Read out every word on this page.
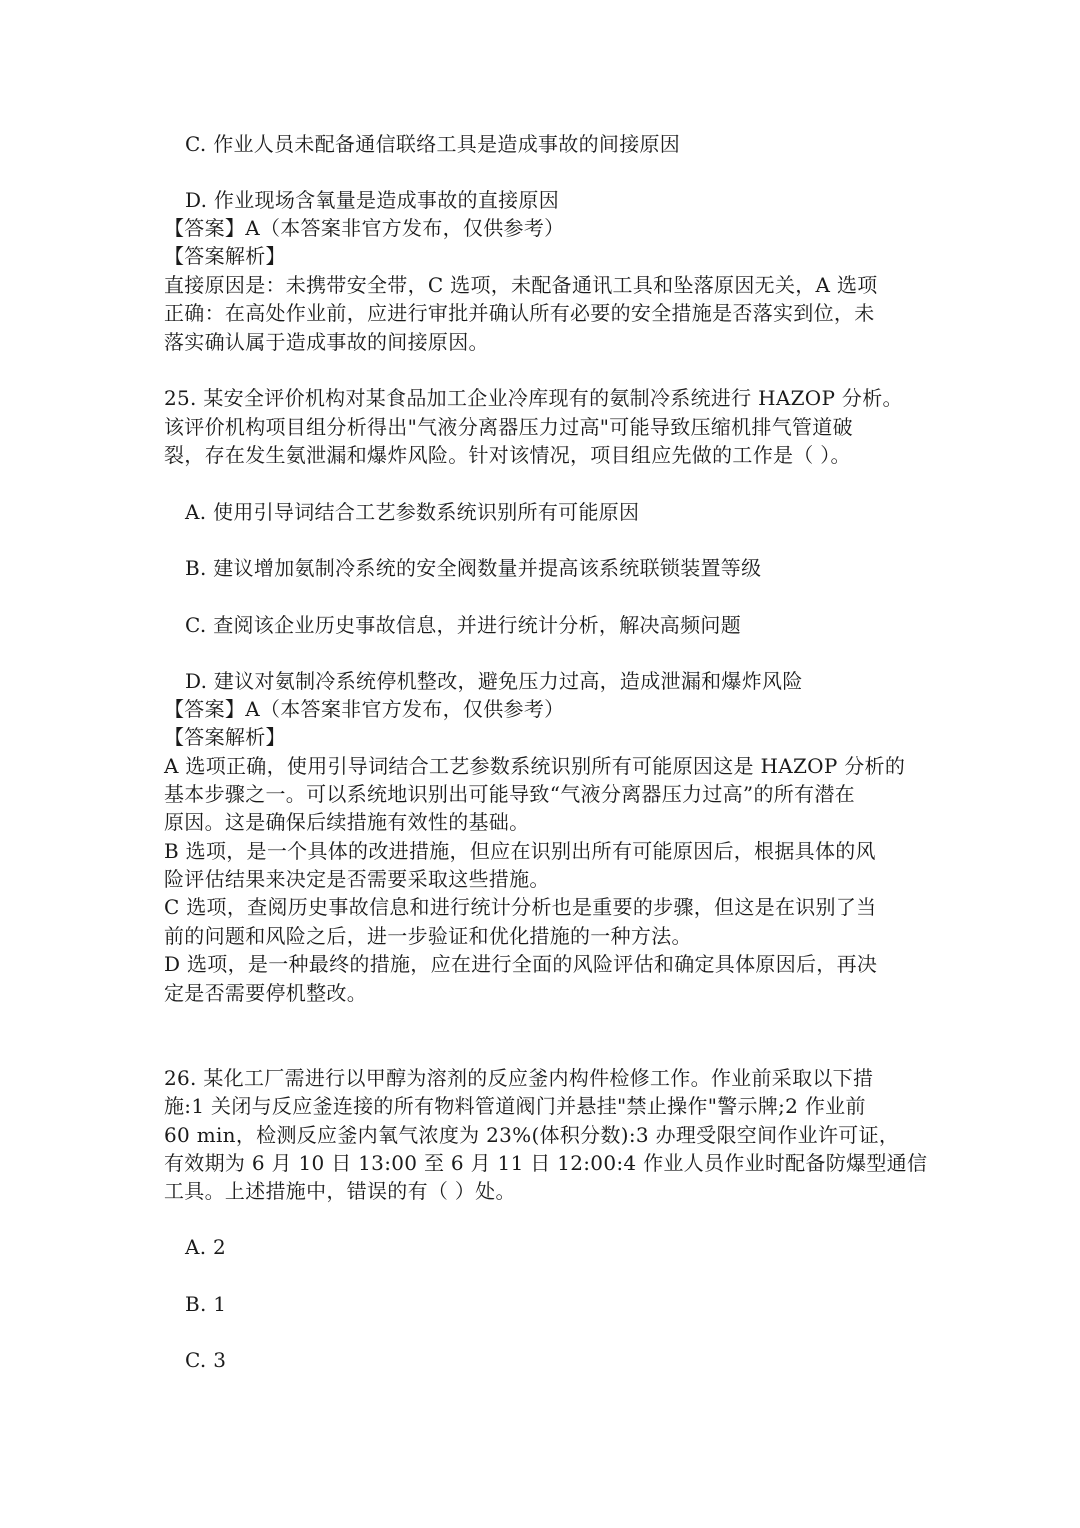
C. 作业人员未配备通信联络工具是造成事故的间接原因
D. 作业现场含氧量是造成事故的直接原因
【答案】A（本答案非官方发布，仅供参考）
【答案解析】
直接原因是：未携带安全带，C 选项，未配备通讯工具和坠落原因无关，A 选项
正确：在高处作业前，应进行审批并确认所有必要的安全措施是否落实到位，未
落实确认属于造成事故的间接原因。
25. 某安全评价机构对某食品加工企业冷库现有的氨制冷系统进行 HAZOP 分析。
该评价机构项目组分析得出"气液分离器压力过高"可能导致压缩机排气管道破
裂，存在发生氨泄漏和爆炸风险。针对该情况，项目组应先做的工作是（ ）。
A. 使用引导词结合工艺参数系统识别所有可能原因
B. 建议增加氨制冷系统的安全阀数量并提高该系统联锁装置等级
C. 查阅该企业历史事故信息，并进行统计分析，解决高频问题
D. 建议对氨制冷系统停机整改，避免压力过高，造成泄漏和爆炸风险
【答案】A（本答案非官方发布，仅供参考）
【答案解析】
A 选项正确，使用引导词结合工艺参数系统识别所有可能原因这是 HAZOP 分析的
基本步骤之一。可以系统地识别出可能导致“气液分离器压力过高”的所有潜在
原因。这是确保后续措施有效性的基础。
B 选项，是一个具体的改进措施，但应在识别出所有可能原因后，根据具体的风
险评估结果来决定是否需要采取这些措施。
C 选项，查阅历史事故信息和进行统计分析也是重要的步骤，但这是在识别了当
前的问题和风险之后，进一步验证和优化措施的一种方法。
D 选项，是一种最终的措施，应在进行全面的风险评估和确定具体原因后，再决
定是否需要停机整改。
26. 某化工厂需进行以甲醇为溶剂的反应釜内构件检修工作。作业前采取以下措
施:1 关闭与反应釜连接的所有物料管道阀门并悬挂"禁止操作"警示牌;2 作业前
60 min，检测反应釜内氧气浓度为 23%(体积分数):3 办理受限空间作业许可证，
有效期为 6 月 10 日 13:00 至 6 月 11 日 12:00:4 作业人员作业时配备防爆型通信
工具。上述措施中，错误的有（ ）处。
A. 2
B. 1
C. 3
